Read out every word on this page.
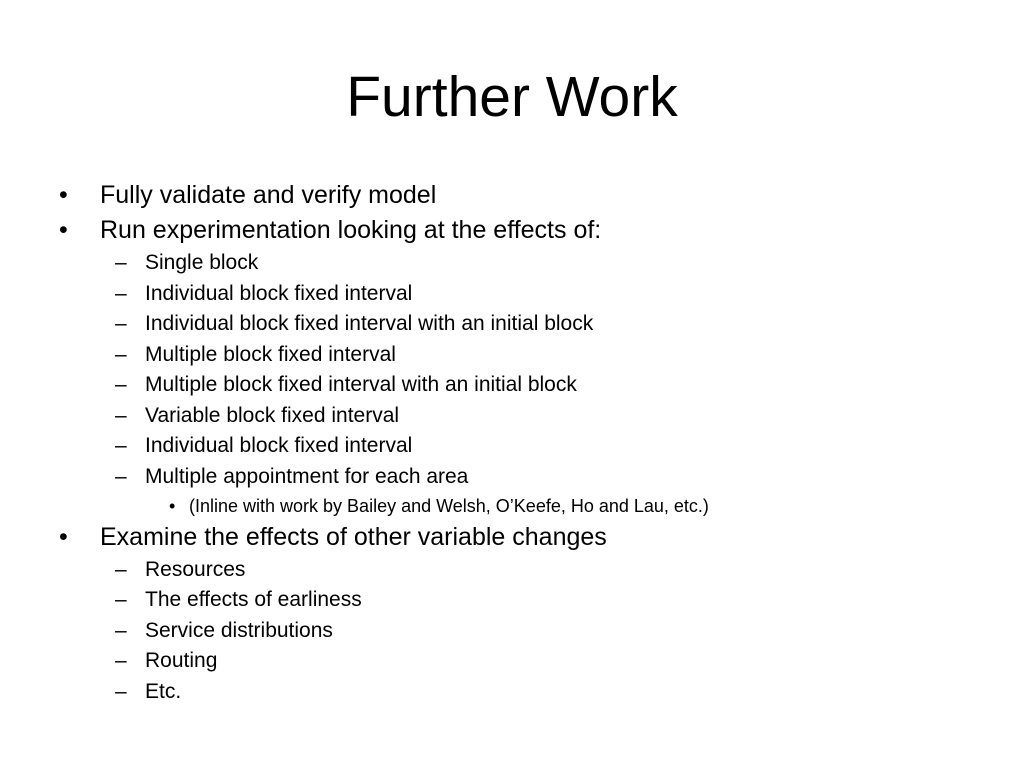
Further Work
• Fully validate and verify model
• Run experimentation looking at the effects of:
– Single block
– Individual block fixed interval
– Individual block fixed interval with an initial block
– Multiple block fixed interval
– Multiple block fixed interval with an initial block
– Variable block fixed interval
– Individual block fixed interval
– Multiple appointment for each area
• (Inline with work by Bailey and Welsh, O’Keefe, Ho and Lau, etc.)
• Examine the effects of other variable changes
– Resources
– The effects of earliness
– Service distributions
– Routing
– Etc.
